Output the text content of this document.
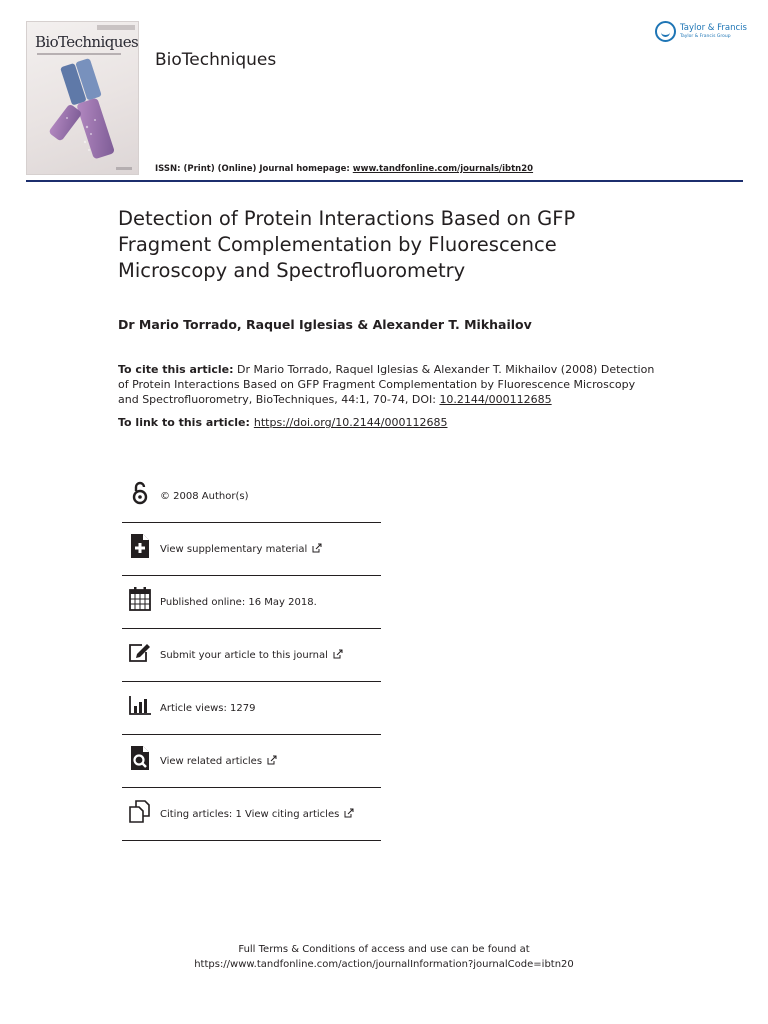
BioTechniques
BioTechniques
ISSN: (Print) (Online) Journal homepage: www.tandfonline.com/journals/ibtn20
Taylor & Francis
Taylor & Francis Group
Detection of Protein Interactions Based on GFP Fragment Complementation by Fluorescence Microscopy and Spectrofluorometry
Dr Mario Torrado, Raquel Iglesias & Alexander T. Mikhailov
To cite this article: Dr Mario Torrado, Raquel Iglesias & Alexander T. Mikhailov (2008) Detection of Protein Interactions Based on GFP Fragment Complementation by Fluorescence Microscopy and Spectrofluorometry, BioTechniques, 44:1, 70-74, DOI: 10.2144/000112685
To link to this article: https://doi.org/10.2144/000112685
© 2008 Author(s)
View supplementary material
Published online: 16 May 2018.
Submit your article to this journal
Article views: 1279
View related articles
Citing articles: 1 View citing articles
Full Terms & Conditions of access and use can be found at
https://www.tandfonline.com/action/journalInformation?journalCode=ibtn20
